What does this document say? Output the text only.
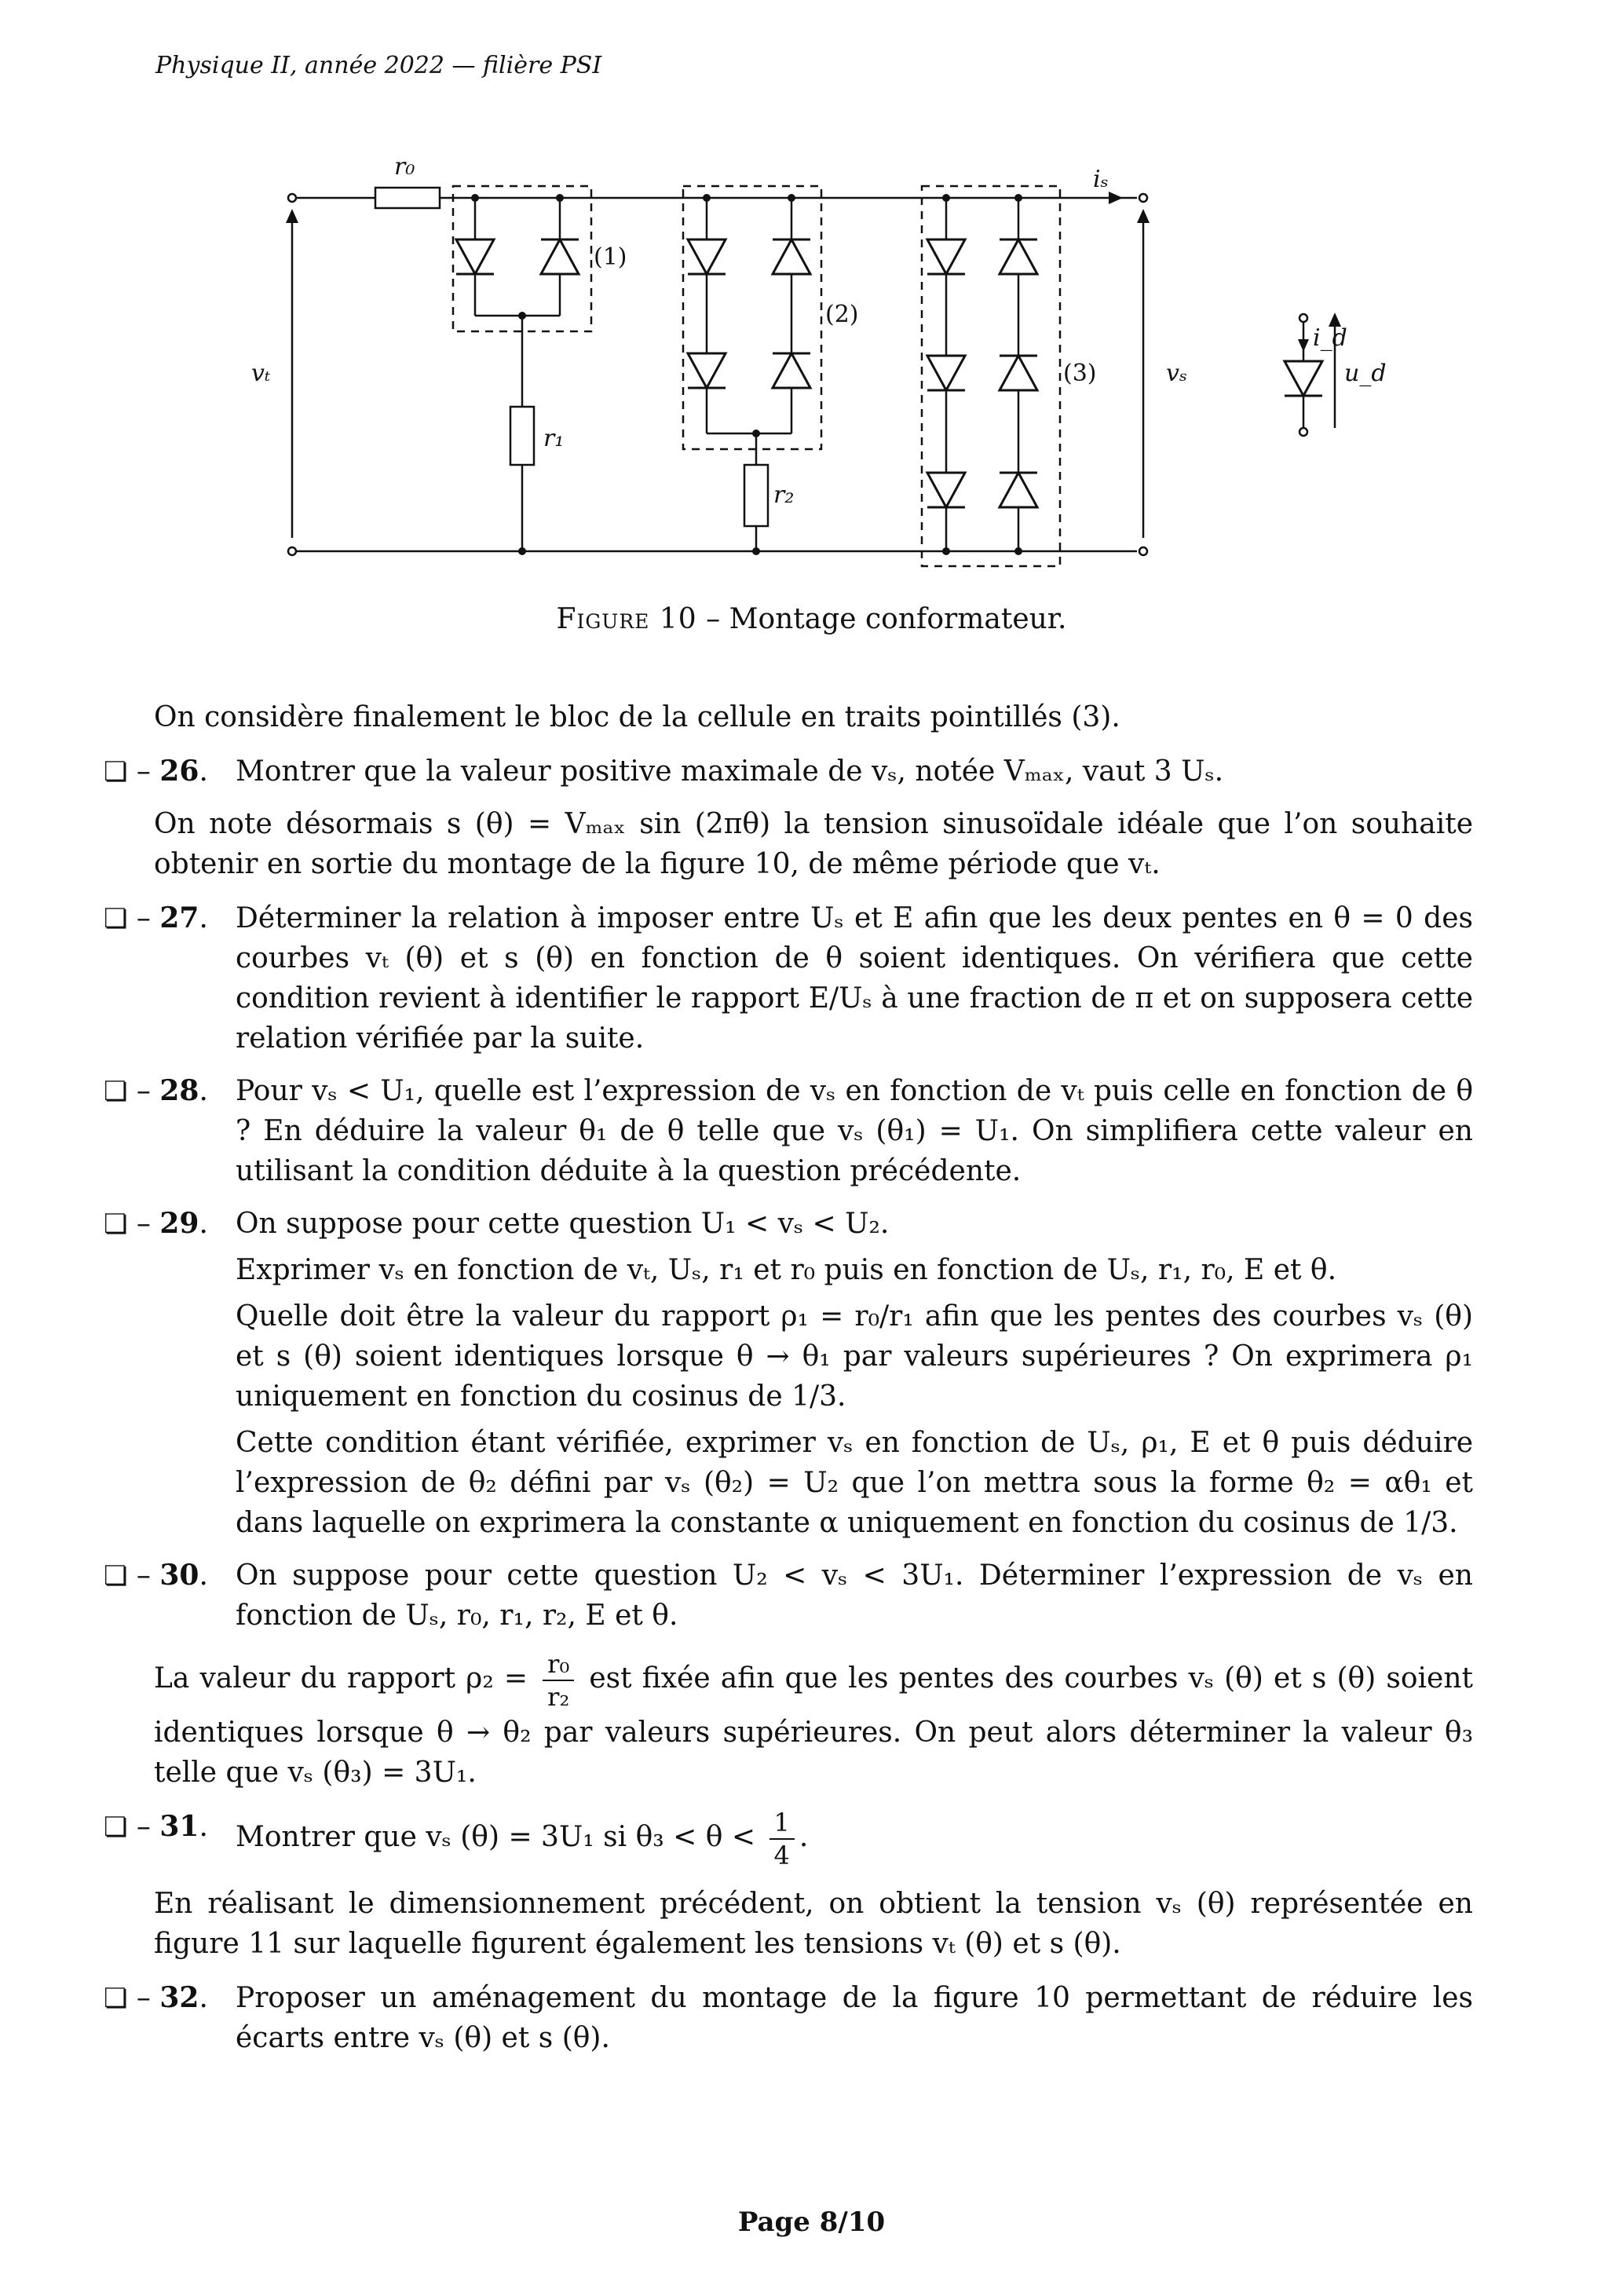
Physique II, année 2022 — filière PSI
r₀
r₁
r₂
vₜ	vₛ
iₛ
i_d
u_d
(1)
(2)
(3)
Figure 10 – Montage conformateur.

On considère finalement le bloc de la cellule en traits pointillés (3).

❏ – 26. Montrer que la valeur positive maximale de vₛ, notée Vₘₐₓ, vaut 3 Uₛ.

On note désormais s (θ) = Vₘₐₓ sin (2πθ) la tension sinusoïdale idéale que l’on souhaite obtenir en sortie du montage de la figure 10, de même période que vₜ.

❏ – 27. Déterminer la relation à imposer entre Uₛ et E afin que les deux pentes en θ = 0 des courbes vₜ (θ) et s (θ) en fonction de θ soient identiques. On vérifiera que cette condition revient à identifier le rapport E/Uₛ à une fraction de π et on supposera cette relation vérifiée par la suite.
❏ – 28. Pour vₛ < U₁, quelle est l’expression de vₛ en fonction de vₜ puis celle en fonction de θ ? En déduire la valeur θ₁ de θ telle que vₛ (θ₁) = U₁. On simplifiera cette valeur en utilisant la condition déduite à la question précédente.
❏ – 29. On suppose pour cette question U₁ < vₛ < U₂.
Exprimer vₛ en fonction de vₜ, Uₛ, r₁ et r₀ puis en fonction de Uₛ, r₁, r₀, E et θ.
Quelle doit être la valeur du rapport ρ₁ = r₀/r₁ afin que les pentes des courbes vₛ (θ) et s (θ) soient identiques lorsque θ → θ₁ par valeurs supérieures ? On exprimera ρ₁ uniquement en fonction du cosinus de 1/3.
Cette condition étant vérifiée, exprimer vₛ en fonction de Uₛ, ρ₁, E et θ puis déduire l’expression de θ₂ défini par vₛ (θ₂) = U₂ que l’on mettra sous la forme θ₂ = αθ₁ et dans laquelle on exprimera la constante α uniquement en fonction du cosinus de 1/3.
❏ – 30. On suppose pour cette question U₂ < vₛ < 3U₁. Déterminer l’expression de vₛ en fonction de Uₛ, r₀, r₁, r₂, E et θ.

La valeur du rapport $\rho_2 = \frac{\text{r₀}}{\text{r₂}}$ est fixée afin que les pentes des courbes vₛ (θ) et s (θ) soient identiques lorsque θ → θ₂ par valeurs supérieures. On peut alors déterminer la valeur θ₃ telle que vₛ (θ₃) = 3U₁.

❏ – 31. Montrer que vₛ (θ) = 3U₁ si $\theta_3 < \theta < \frac{1}{4}$ .

En réalisant le dimensionnement précédent, on obtient la tension vₛ (θ) représentée en figure 11 sur laquelle figurent également les tensions vₜ (θ) et s (θ).

❏ – 32. Proposer un aménagement du montage de la figure 10 permettant de réduire les écarts entre vₛ (θ) et s (θ).
Page 8/10
